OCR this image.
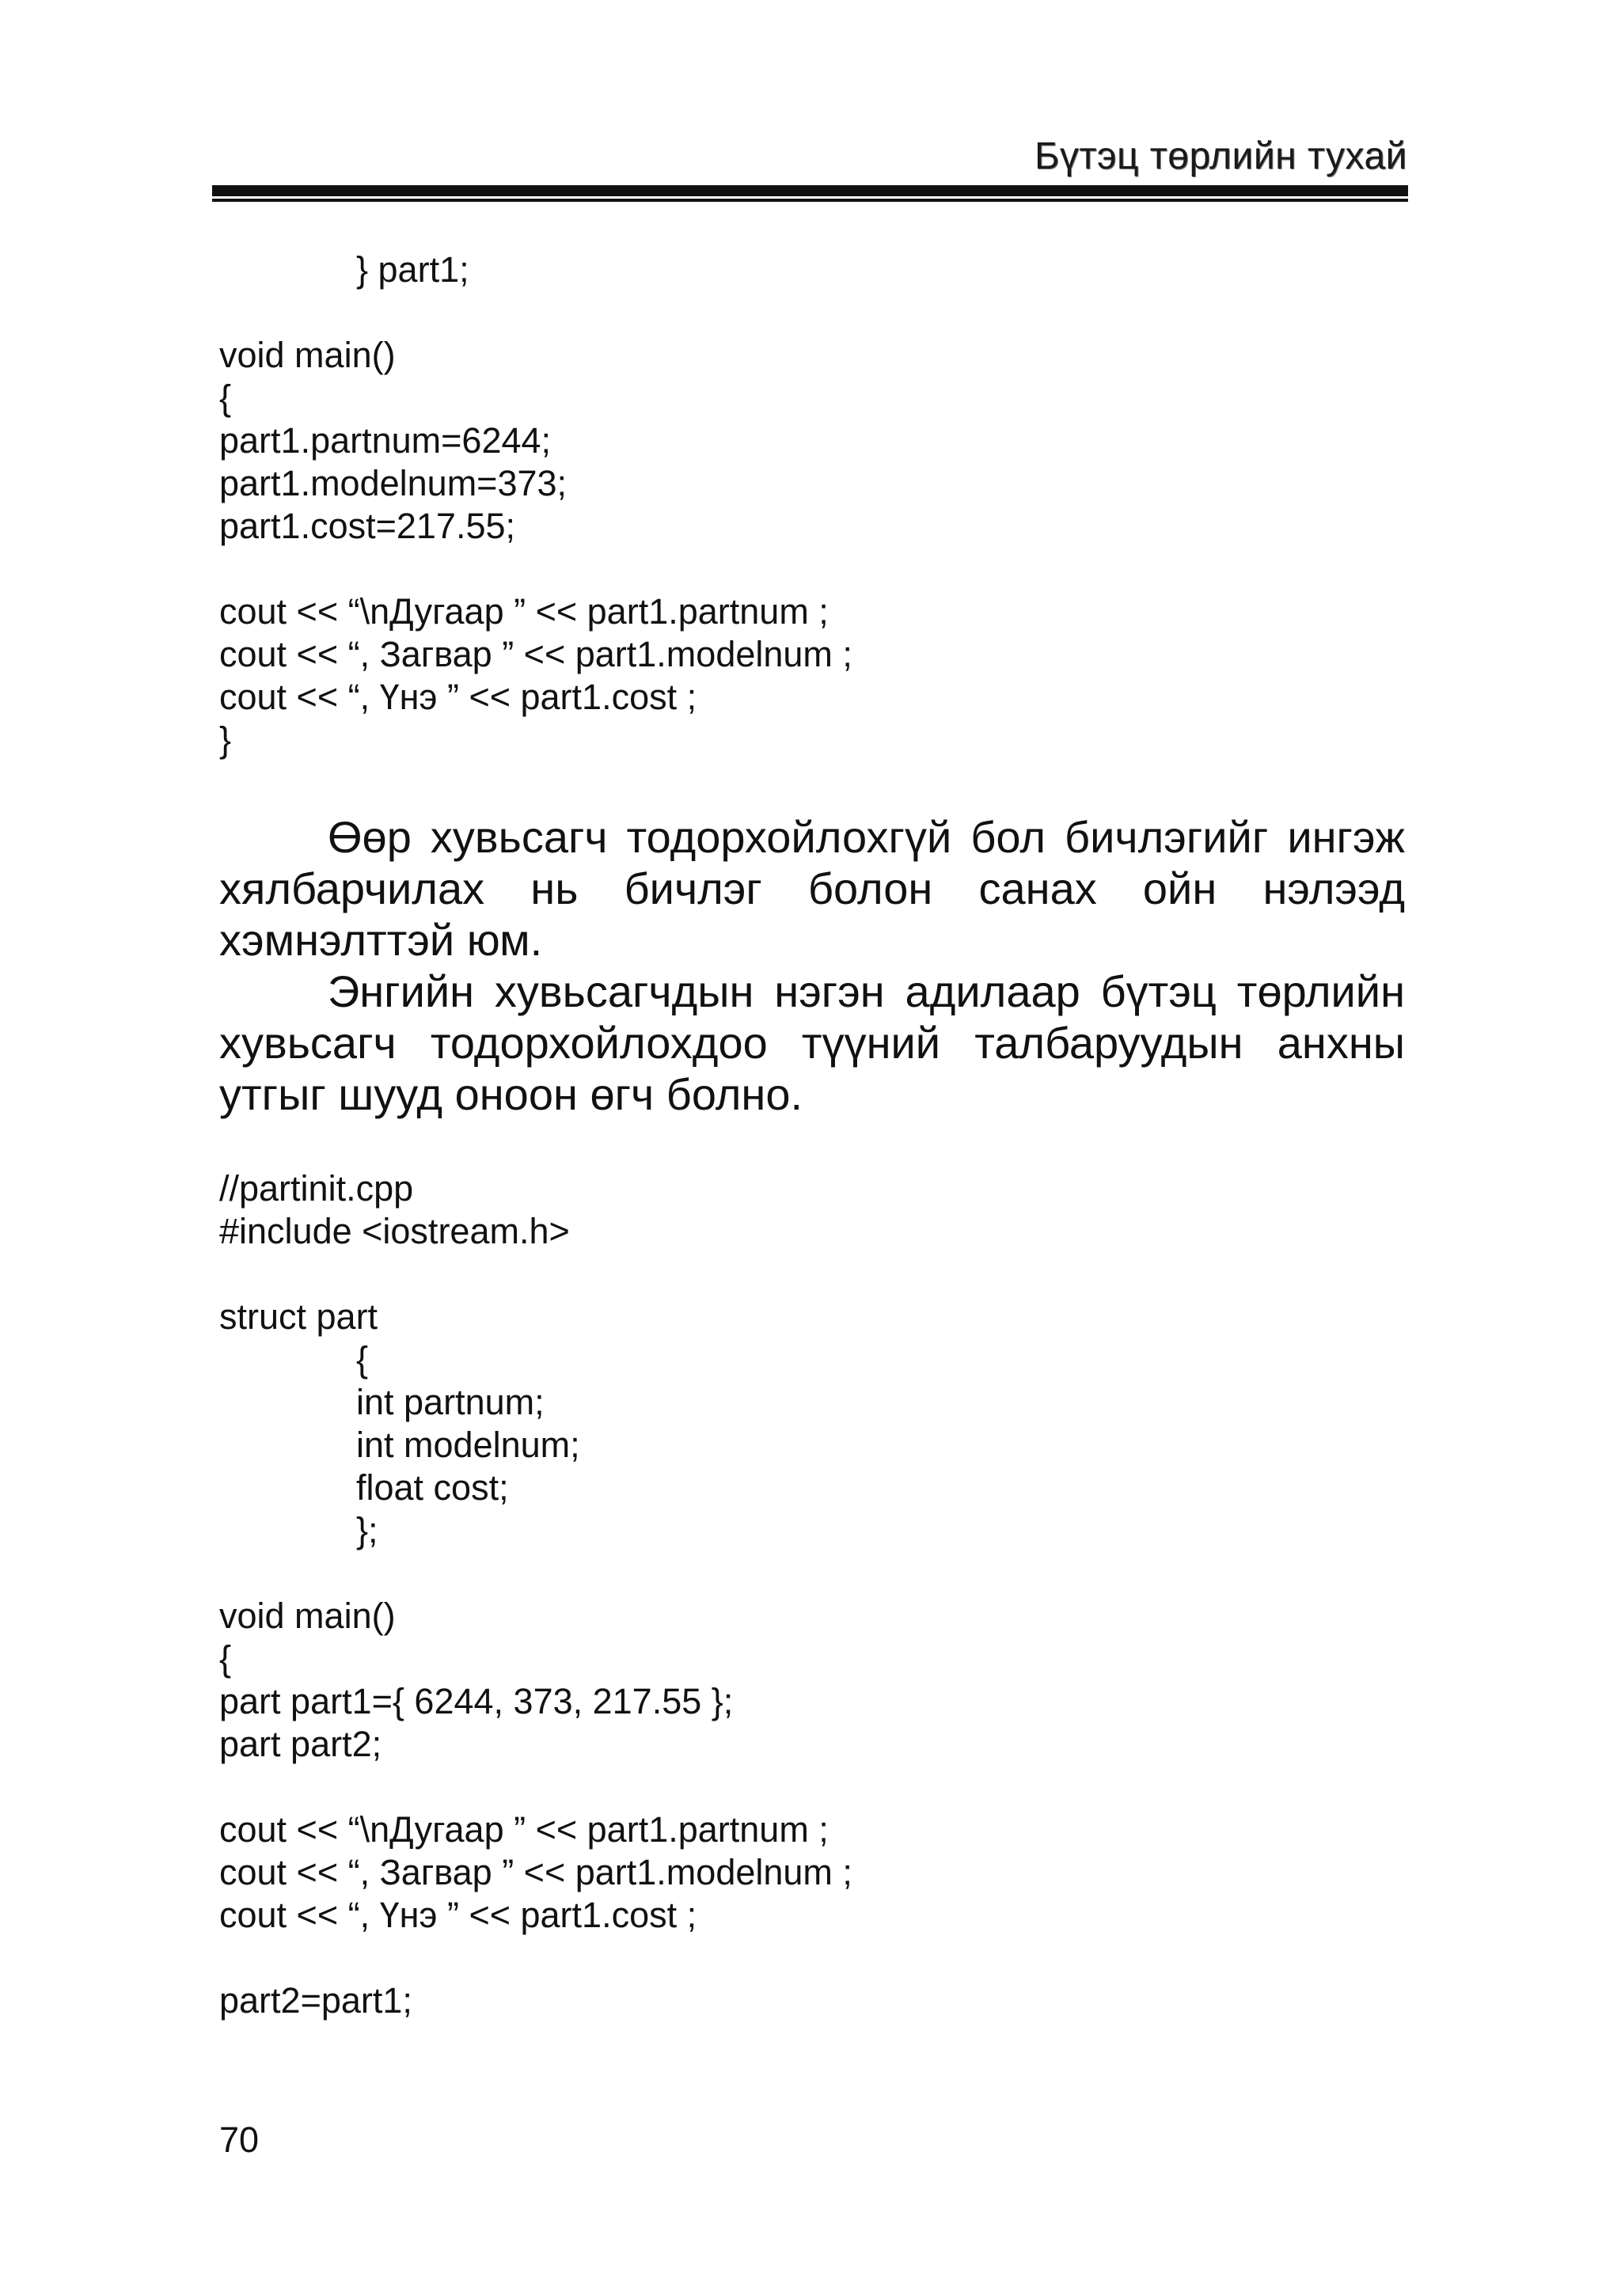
Бүтэц төрлийн тухай
} part1;
void main()
{
part1.partnum=6244;
part1.modelnum=373;
part1.cost=217.55;
cout << “\nДугаар ” << part1.partnum ;
cout << “, Загвар ” << part1.modelnum ;
cout << “, Үнэ ” << part1.cost ;
}

Өөр хувьсагч тодорхойлохгүй бол бичлэгийг ингэж хялбарчилах нь бичлэг болон санах ойн нэлээд хэмнэлттэй юм.

Энгийн хувьсагчдын нэгэн адилаар бүтэц төрлийн хувьсагч тодорхойлохдоо түүний талбаруудын анхны утгыг шууд оноон өгч болно.

//partinit.cpp
#include <iostream.h>
struct part
{
int partnum;
int modelnum;
float cost;
};
void main()
{
part part1={ 6244, 373, 217.55 };
part part2;
cout << “\nДугаар ” << part1.partnum ;
cout << “, Загвар ” << part1.modelnum ;
cout << “, Үнэ ” << part1.cost ;
part2=part1;
70
